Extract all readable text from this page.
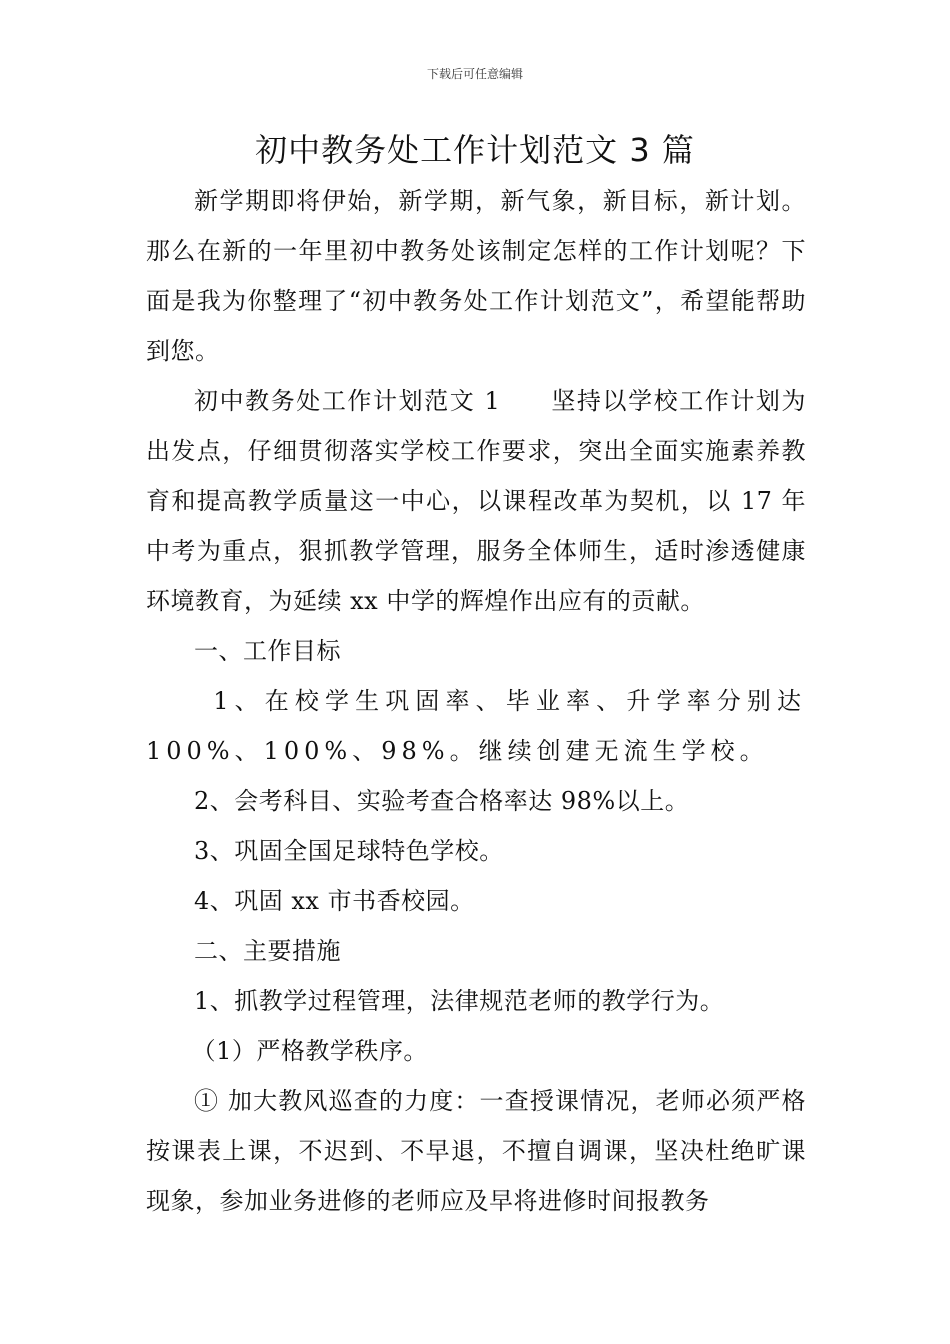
下载后可任意编辑
初中教务处工作计划范文 3 篇

新学期即将伊始，新学期，新气象，新目标，新计划。那么在新的一年里初中教务处该制定怎样的工作计划呢？下面是我为你整理了“初中教务处工作计划范文”，希望能帮助到您。

初中教务处工作计划范文 1 坚持以学校工作计划为出发点，仔细贯彻落实学校工作要求，突出全面实施素养教育和提高教学质量这一中心，以课程改革为契机，以 17 年中考为重点，狠抓教学管理，服务全体师生，适时渗透健康环境教育，为延续 xx 中学的辉煌作出应有的贡献。

一、工作目标

1、在校学生巩固率、毕业率、升学率分别达 100%、100%、98%。继续创建无流生学校。

2、会考科目、实验考查合格率达 98%以上。

3、巩固全国足球特色学校。

4、巩固 xx 市书香校园。

二、主要措施

1、抓教学过程管理，法律规范老师的教学行为。

（1）严格教学秩序。

① 加大教风巡查的力度：一查授课情况，老师必须严格按课表上课，不迟到、不早退，不擅自调课，坚决杜绝旷课现象，参加业务进修的老师应及早将进修时间报教务
